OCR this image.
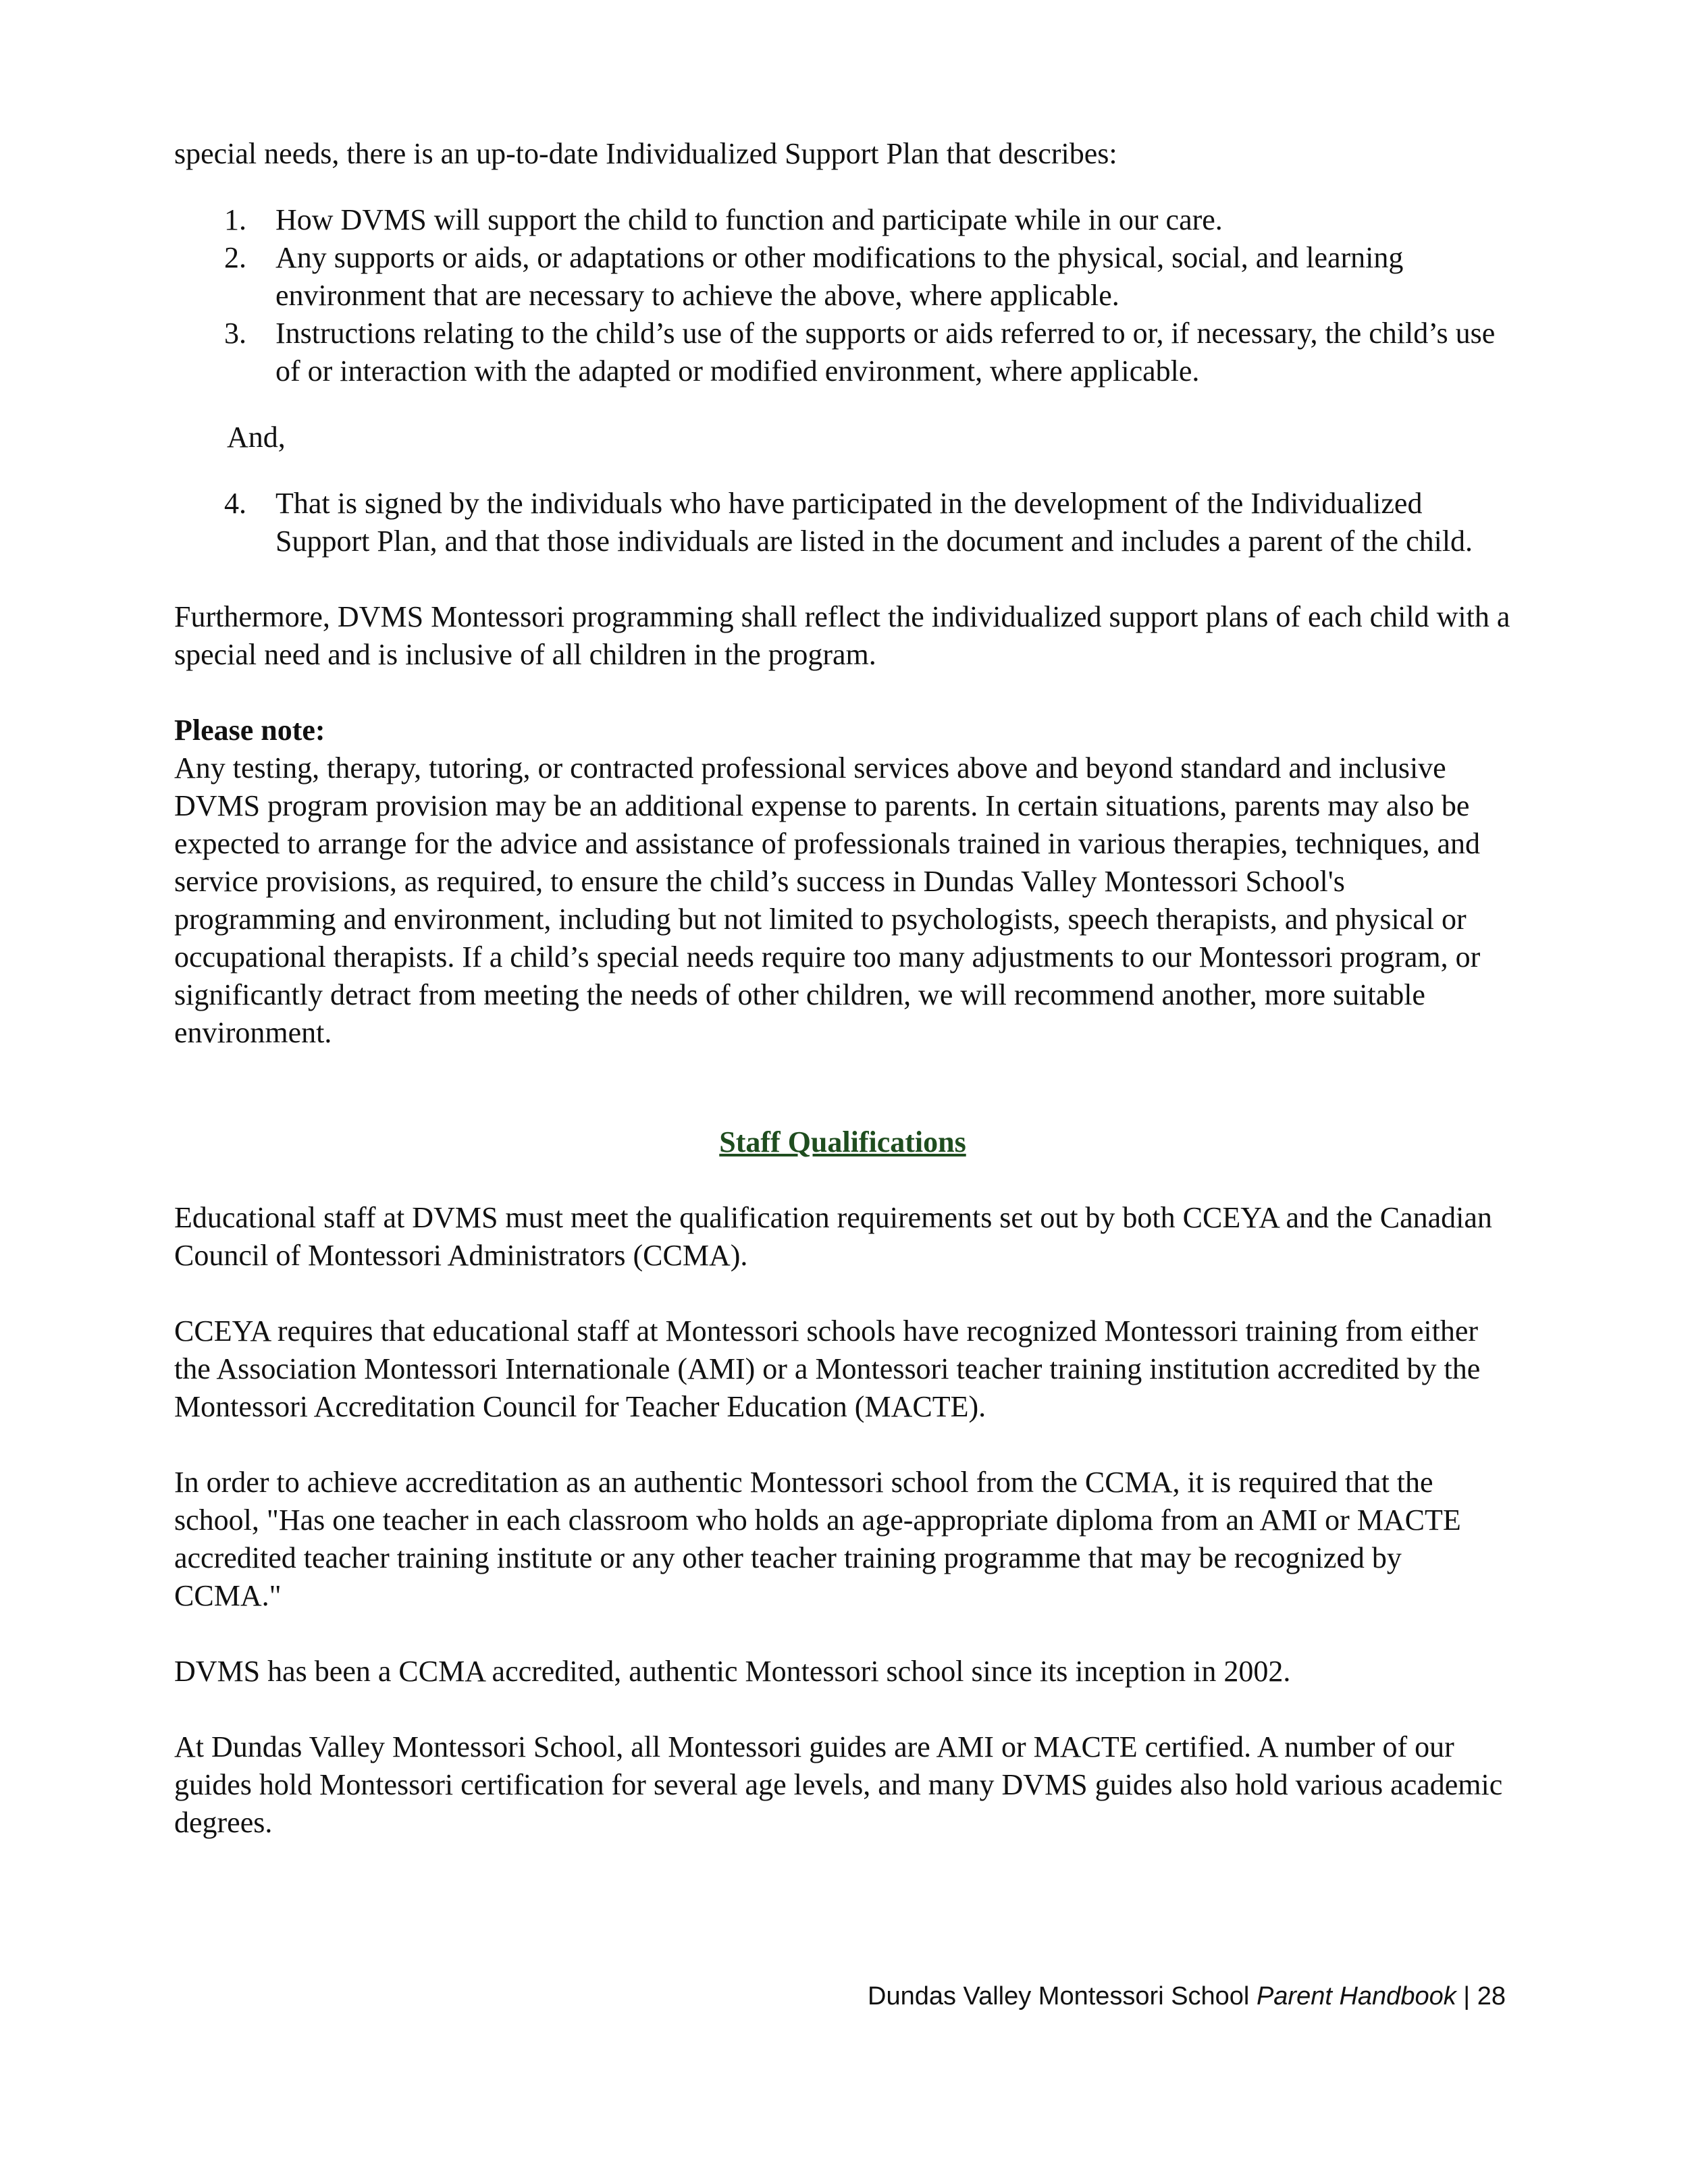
special needs, there is an up-to-date Individualized Support Plan that describes:

1. How DVMS will support the child to function and participate while in our care.
2. Any supports or aids, or adaptations or other modifications to the physical, social, and learning environment that are necessary to achieve the above, where applicable.
3. Instructions relating to the child’s use of the supports or aids referred to or, if necessary, the child’s use of or interaction with the adapted or modified environment, where applicable.

And,

4. That is signed by the individuals who have participated in the development of the Individualized Support Plan, and that those individuals are listed in the document and includes a parent of the child.

Furthermore, DVMS Montessori programming shall reflect the individualized support plans of each child with a special need and is inclusive of all children in the program.

Please note:

Any testing, therapy, tutoring, or contracted professional services above and beyond standard and inclusive DVMS program provision may be an additional expense to parents. In certain situations, parents may also be expected to arrange for the advice and assistance of professionals trained in various therapies, techniques, and service provisions, as required, to ensure the child’s success in Dundas Valley Montessori School's programming and environment, including but not limited to psychologists, speech therapists, and physical or occupational therapists. If a child’s special needs require too many adjustments to our Montessori program, or significantly detract from meeting the needs of other children, we will recommend another, more suitable environment.

Staff Qualifications

Educational staff at DVMS must meet the qualification requirements set out by both CCEYA and the Canadian Council of Montessori Administrators (CCMA).

CCEYA requires that educational staff at Montessori schools have recognized Montessori training from either the Association Montessori Internationale (AMI) or a Montessori teacher training institution accredited by the Montessori Accreditation Council for Teacher Education (MACTE).

In order to achieve accreditation as an authentic Montessori school from the CCMA, it is required that the school, "Has one teacher in each classroom who holds an age-appropriate diploma from an AMI or MACTE accredited teacher training institute or any other teacher training programme that may be recognized by CCMA."

DVMS has been a CCMA accredited, authentic Montessori school since its inception in 2002.

At Dundas Valley Montessori School, all Montessori guides are AMI or MACTE certified. A number of our guides hold Montessori certification for several age levels, and many DVMS guides also hold various academic degrees.

Dundas Valley Montessori School Parent Handbook | 28
